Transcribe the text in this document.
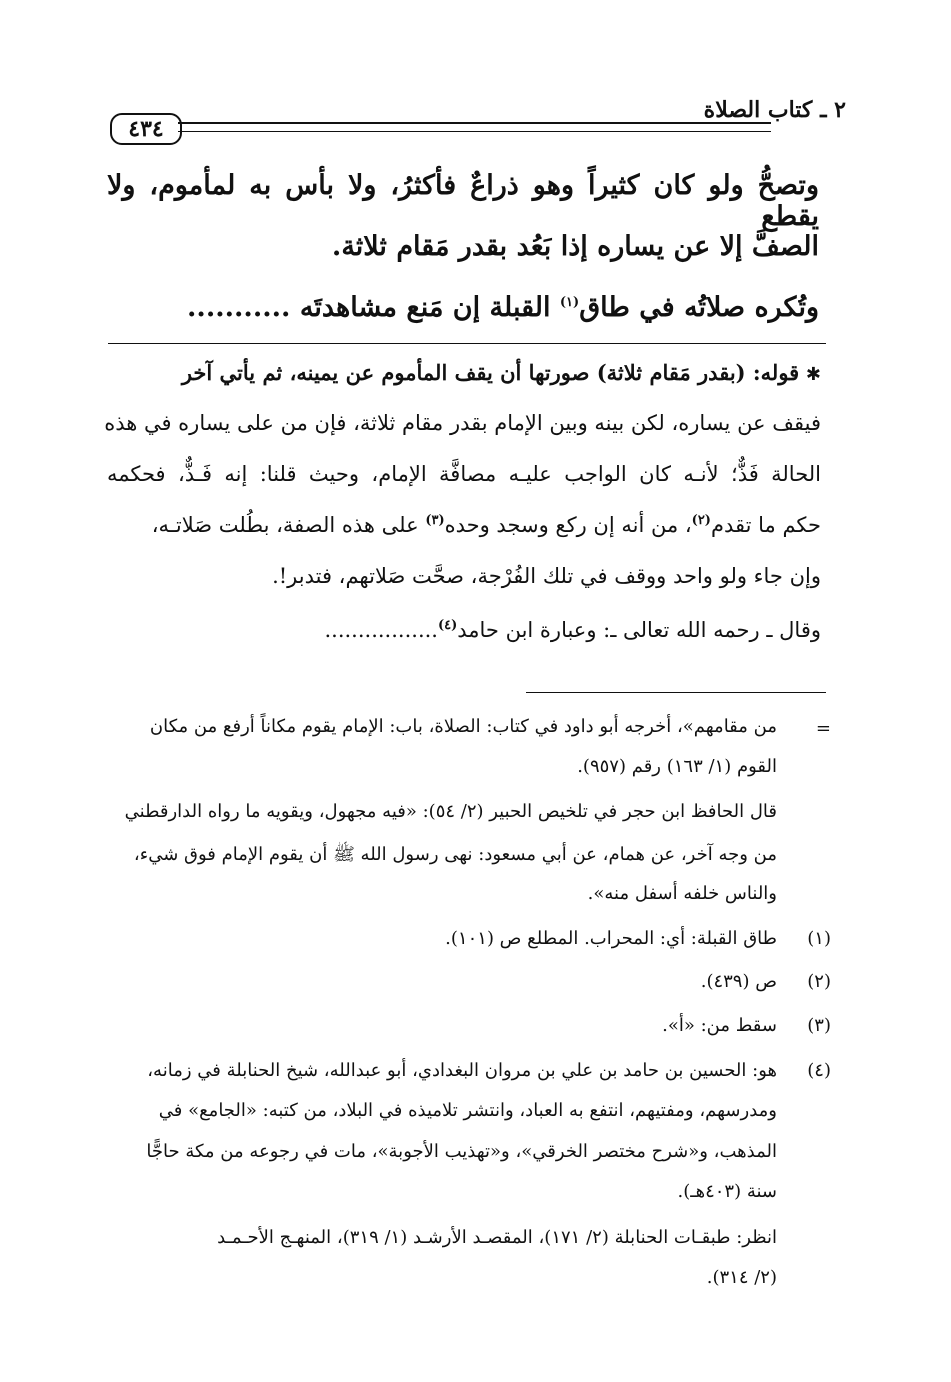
٢ ـ كتاب الصلاة
٤٣٤
وتصحُّ ولو كان كثيراً وهو ذراعٌ فأكثرُ، ولا بأس به لمأموم، ولا يقطع
الصفَّ إلا عن يساره إذا بَعُد بقدر مَقام ثلاثة.
وتُكره صلاتُه في طاق$^{(١)}$ القبلة إن مَنع مشاهدتَه ...........
✱ قوله: (بقدر مَقام ثلاثة) صورتها أن يقف المأموم عن يمينه، ثم يأتي آخر
فيقف عن يساره، لكن بينه وبين الإمام بقدر مقام ثلاثة، فإن من على يساره في هذه
الحالة فَذٌّ؛ لأنـه كان الواجب عليـه مصافَّة الإمام، وحيث قلنا: إنه فَـذٌّ، فحكمه
حكم ما تقدم$^{(٢)}$، من أنه إن ركع وسجد وحده$^{(٣)}$ على هذه الصفة، بطُلت صَلاتـه،
وإن جاء ولو واحد ووقف في تلك الفُرْجة، صحَّت صَلاتهم، فتدبر!.
وقال ـ رحمه الله تعالى ـ: وعبارة ابن حامد$^{(٤)}$.................
=
من مقامهم»، أخرجه أبو داود في كتاب: الصلاة، باب: الإمام يقوم مكاناً أرفع من مكان
القوم (١/ ١٦٣) رقم (٩٥٧).
قال الحافظ ابن حجر في تلخيص الحبير (٢/ ٥٤): «فيه مجهول، ويقويه ما رواه الدارقطني
من وجه آخر، عن همام، عن أبي مسعود: نهى رسول الله ﷺ أن يقوم الإمام فوق شيء،
والناس خلفه أسفل منه».
(١)
طاق القبلة: أي: المحراب. المطلع ص (١٠١).
(٢)
ص (٤٣٩).
(٣)
سقط من: «أ».
(٤)
هو: الحسين بن حامد بن علي بن مروان البغدادي، أبو عبدالله، شيخ الحنابلة في زمانه،
ومدرسهم، ومفتيهم، انتفع به العباد، وانتشر تلاميذه في البلاد، من كتبه: «الجامع» في
المذهب، و«شرح مختصر الخرقي»، و«تهذيب الأجوبة»، مات في رجوعه من مكة حاجًّا
سنة (٤٠٣هـ).
انظر: طبقـات الحنابلة (٢/ ١٧١)، المقصـد الأرشـد (١/ ٣١٩)، المنهـج الأحـمـد
(٢/ ٣١٤).
